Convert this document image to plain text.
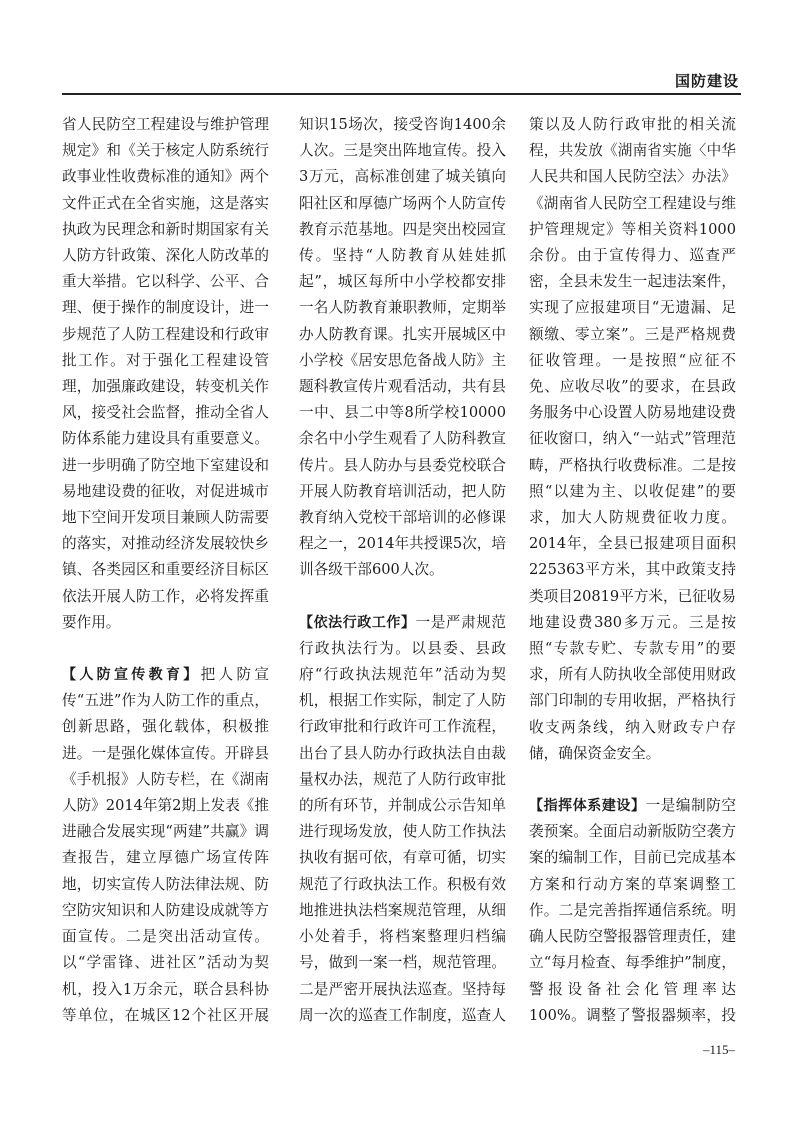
国防建设

省人民防空工程建设与维护管理规定》和《关于核定人防系统行政事业性收费标准的通知》两个文件正式在全省实施，这是落实执政为民理念和新时期国家有关人防方针政策、深化人防改革的重大举措。它以科学、公平、合理、便于操作的制度设计，进一步规范了人防工程建设和行政审批工作。对于强化工程建设管理，加强廉政建设，转变机关作风，接受社会监督，推动全省人防体系能力建设具有重要意义。进一步明确了防空地下室建设和易地建设费的征收，对促进城市地下空间开发项目兼顾人防需要的落实，对推动经济发展较快乡镇、各类园区和重要经济目标区依法开展人防工作，必将发挥重要作用。

【人防宣传教育】把人防宣传“五进”作为人防工作的重点，创新思路，强化载体，积极推进。一是强化媒体宣传。开辟县《手机报》人防专栏，在《湖南人防》2014年第2期上发表《推进融合发展实现“两建”共赢》调查报告，建立厚德广场宣传阵地，切实宣传人防法律法规、防空防灾知识和人防建设成就等方面宣传。二是突出活动宣传。以“学雷锋、进社区”活动为契机，投入1万余元，联合县科协等单位，在城区12个社区开展

知识15场次，接受咨询1400余人次。三是突出阵地宣传。投入3万元，高标准创建了城关镇向阳社区和厚德广场两个人防宣传教育示范基地。四是突出校园宣传。坚持“人防教育从娃娃抓起”，城区每所中小学校都安排一名人防教育兼职教师，定期举办人防教育课。扎实开展城区中小学校《居安思危备战人防》主题科教宣传片观看活动，共有县一中、县二中等8所学校10000余名中小学生观看了人防科教宣传片。县人防办与县委党校联合开展人防教育培训活动，把人防教育纳入党校干部培训的必修课程之一，2014年共授课5次，培训各级干部600人次。

【依法行政工作】一是严肃规范行政执法行为。以县委、县政府“行政执法规范年”活动为契机，根据工作实际，制定了人防行政审批和行政许可工作流程，出台了县人防办行政执法自由裁量权办法，规范了人防行政审批的所有环节，并制成公示告知单进行现场发放，使人防工作执法执收有据可依，有章可循，切实规范了行政执法工作。积极有效地推进执法档案规范管理，从细小处着手，将档案整理归档编号，做到一案一档，规范管理。二是严密开展执法巡查。坚持每周一次的巡查工作制度，巡查人

策以及人防行政审批的相关流程，共发放《湖南省实施〈中华人民共和国人民防空法〉办法》《湖南省人民防空工程建设与维护管理规定》等相关资料1000余份。由于宣传得力、巡查严密，全县未发生一起违法案件，实现了应报建项目“无遗漏、足额缴、零立案”。三是严格规费征收管理。一是按照“应征不免、应收尽收”的要求，在县政务服务中心设置人防易地建设费征收窗口，纳入“一站式”管理范畴，严格执行收费标准。二是按照“以建为主、以收促建”的要求，加大人防规费征收力度。2014年，全县已报建项目面积225363平方米，其中政策支持类项目20819平方米，已征收易地建设费380多万元。三是按照“专款专贮、专款专用”的要求，所有人防执收全部使用财政部门印制的专用收据，严格执行收支两条线，纳入财政专户存储，确保资金安全。

【指挥体系建设】一是编制防空袭预案。全面启动新版防空袭方案的编制工作，目前已完成基本方案和行动方案的草案调整工作。二是完善指挥通信系统。明确人民防空警报器管理责任，建立“每月检查、每季维护”制度，警报设备社会化管理率达100%。调整了警报器频率，投

–115–
